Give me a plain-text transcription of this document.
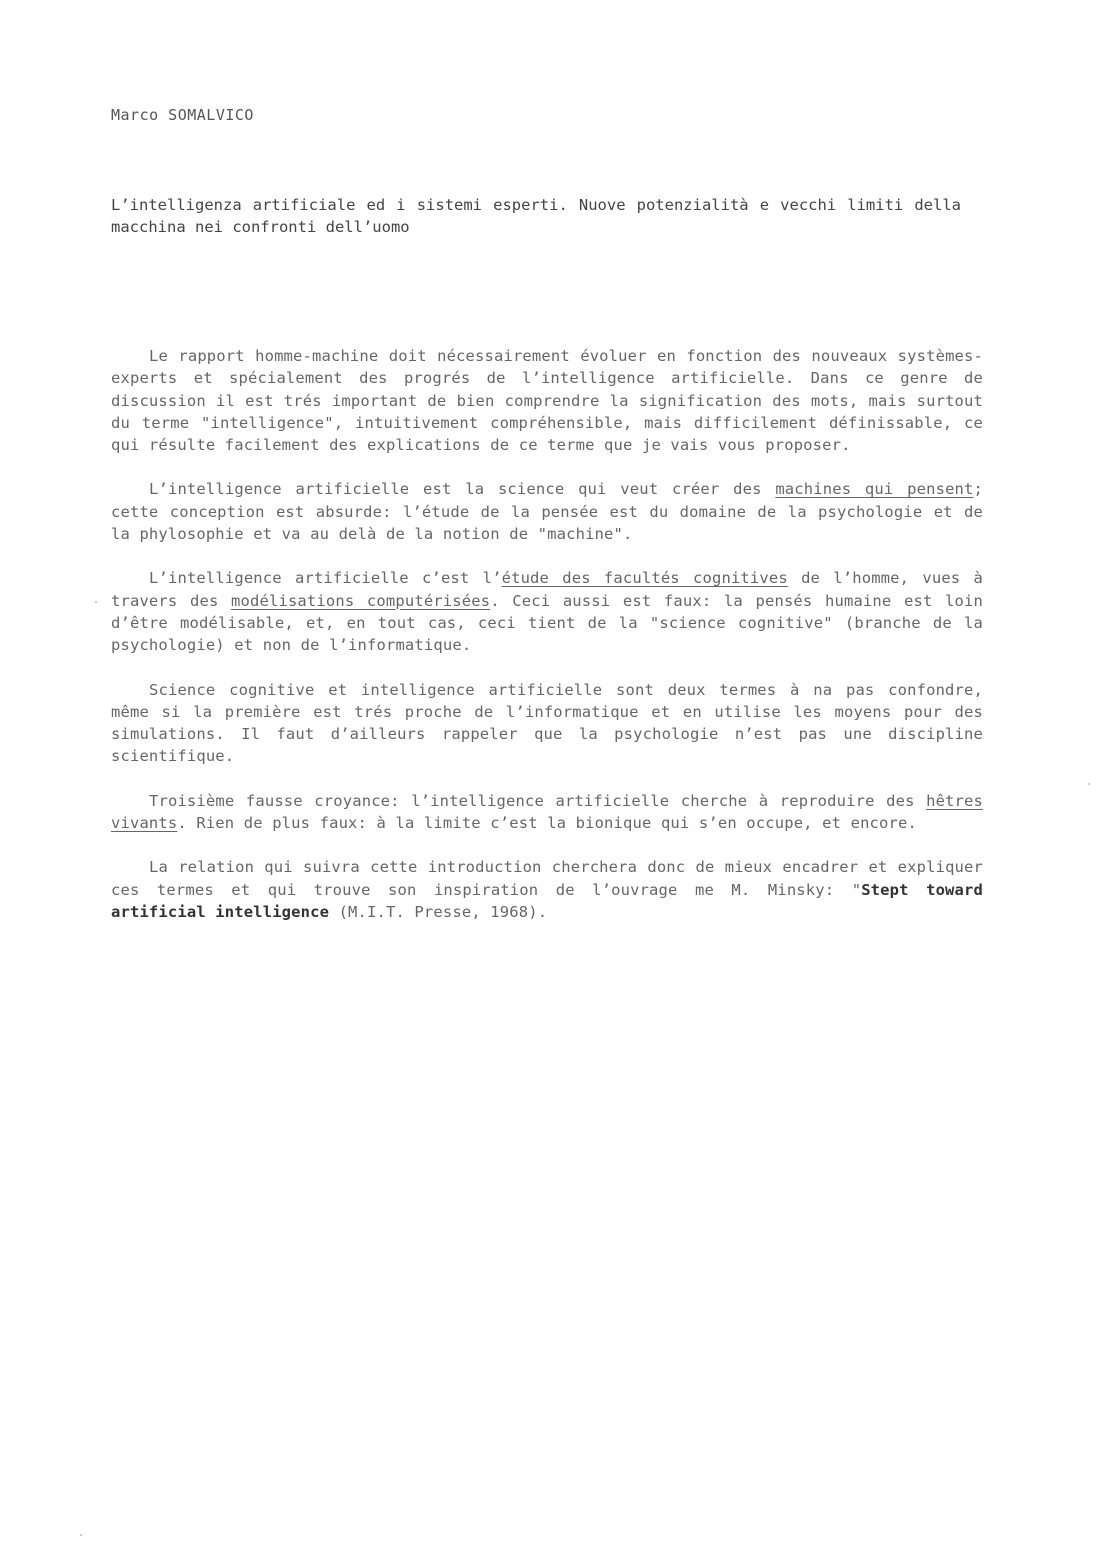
Marco SOMALVICO
L’intelligenza artificiale ed i sistemi esperti. Nuove potenzialità e vecchi limiti della macchina nei confronti dell’uomo

Le rapport homme-machine doit nécessairement évoluer en fonction des nouveaux systèmes-experts et spécialement des progrés de l’intelligence artificielle. Dans ce genre de discussion il est trés important de bien comprendre la signification des mots, mais surtout du terme "intelligence", intuitivement compréhensible, mais difficilement définissable, ce qui résulte facilement des explications de ce terme que je vais vous proposer.

L’intelligence artificielle est la science qui veut créer des machines qui pensent; cette conception est absurde: l’étude de la pensée est du domaine de la psychologie et de la phylosophie et va au delà de la notion de "machine".

L’intelligence artificielle c’est l’étude des facultés cognitives de l’homme, vues à travers des modélisations computérisées. Ceci aussi est faux: la pensés humaine est loin d’être modélisable, et, en tout cas, ceci tient de la "science cognitive" (branche de la psychologie) et non de l’informatique.

Science cognitive et intelligence artificielle sont deux termes à na pas confondre, même si la première est trés proche de l’informatique et en utilise les moyens pour des simulations. Il faut d’ailleurs rappeler que la psychologie n’est pas une discipline scientifique.

Troisième fausse croyance: l’intelligence artificielle cherche à reproduire des hêtres vivants. Rien de plus faux: à la limite c’est la bionique qui s’en occupe, et encore.

La relation qui suivra cette introduction cherchera donc de mieux encadrer et expliquer ces termes et qui trouve son inspiration de l’ouvrage me M. Minsky: "Stept toward artificial intelligence (M.I.T. Presse, 1968).
